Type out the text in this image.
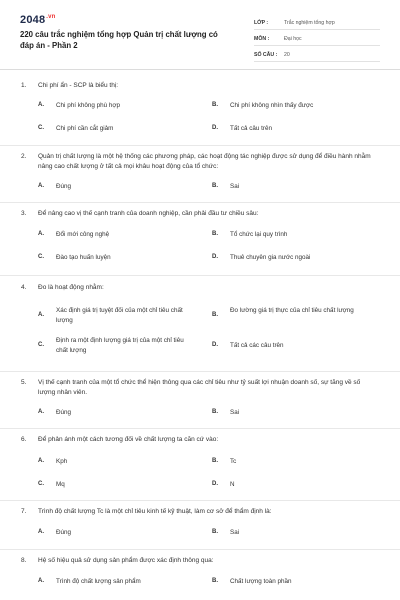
$2048^{.vn}$
220 câu trắc nghiệm tổng hợp Quản trị chất lượng có đáp án - Phần 2
LỚP :	Trắc nghiệm tổng hợp
MÔN :	Đại học
SỐ CÂU :	20
1. Chi phí ẩn - SCP là biểu thị:
A. Chi phí không phù hợp	B. Chi phí không nhìn thấy được
C. Chi phí cần cắt giảm	D. Tất cả câu trên
2. Quản trị chất lượng là một hệ thống các phương pháp, các hoạt động tác nghiệp được sử dụng để điều hành nhằm nâng cao chất lượng ở tất cả mọi khâu hoạt động của tổ chức:
A. Đúng	B. Sai
3. Để nâng cao vị thế cạnh tranh của doanh nghiệp, cần phải đầu tư chiều sâu:
A. Đổi mới công nghệ	B. Tổ chức lại quy trình
C. Đào tạo huấn luyện	D. Thuê chuyên gia nước ngoài
4. Đo là hoạt động nhằm:
A.
Xác định giá trị tuyệt đối của một chỉ tiêu chất lượng
B.
Đo lường giá trị thực của chỉ tiêu chất lượng
C.
Định ra một định lượng giá trị của một chỉ tiêu chất lượng
D. Tất cả các câu trên
5. Vị thế cạnh tranh của một tổ chức thể hiện thông qua các chỉ tiêu như tỷ suất lợi nhuận doanh số, sự tăng về số lượng nhân viên.
A. Đúng	B. Sai
6. Để phản ánh một cách tương đối về chất lượng ta căn cứ vào:
A. Kph	B. Tc
C. Mq	D. N
7. Trình độ chất lượng Tc là một chỉ tiêu kinh tế kỹ thuật, làm cơ sở để thẩm định là:
A. Đúng	B. Sai
8. Hệ số hiệu quả sử dụng sản phẩm được xác định thông qua:
A. Trình độ chất lượng sản phẩm	B. Chất lượng toàn phần
